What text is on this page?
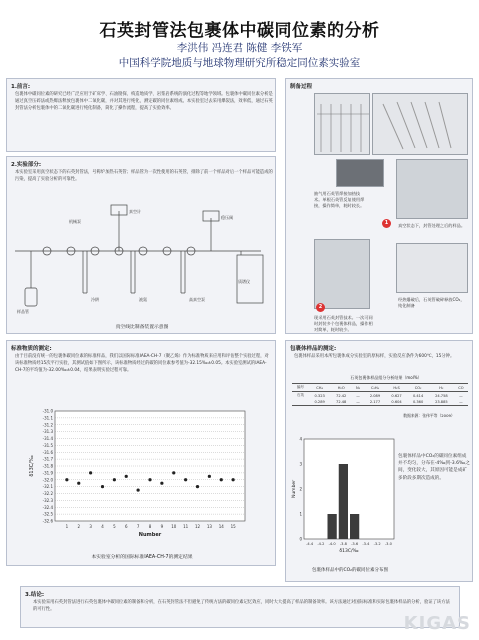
石英封管法包裹体中碳同位素的分析
李洪伟 冯连君 陈健 李铁军
中国科学院地质与地球物理研究所稳定同位素实验室
1.前言:
包裹体中碳同位素的研究已经广泛应用于矿床学、石油勘探、构造地质学、岩浆岩系统的演化过程等地学领域。包裹体中碳同位素分析是通过真空压碎法或热爆法释放包裹体中二氧化碳，并对其进行纯化，测定碳的同位素组成。本实验室过去采用爆裂法，效率低，通过石英封管法分析包裹体中的二氧化碳进行纯化制备，简化了操作流程，提高了实验效率。
2.实验部分:
本实验室采用真空状态下的石英封管法，号称炉加热石英管；样品管为一次性使用的石英管，排除了前一个样品对后一个样品可能造成的污染，提高了实验分析的可靠性。
真空计
冷阱	液氮
稳压阀
高真空泵
样品管
机械泵
质谱仪
真空线比制备装置示意图
制备过程
1	真空状态下，封管处理之后的样品。
抽气用石英管焊接加热技术。单根石英管反复使用焊接，操作简单，耗时较长。
2
现采用石英封管技术。一次可同时封装多个包裹体样品，操作相对简单，耗时较少。
经热爆破后，石英管破碎释放CO₂，纯化制备
标准物质的测定:
由于目前没有统一的包裹体碳同位素的标准样品，我们以国际标准IAEA-CH-7（聚乙烯）作为标准物质来应用和评估整个实验过程，对该标准物质经15次平行实验，其测试值如下图所示，该标准物质经过的碳的同位素参考值为-32.15‰±0.05。本实验室测试的IAEA-CH-7的平均值为-32.00‰±0.04，结果表明实验过程可靠。
-31.0
-31.1
-31.2
-31.3
-31.4
-31.5
-31.6
-31.7
-31.8
-31.9
-32.0
-32.1
-32.2
-32.3
-32.4
-32.5
-32.6
1 2 3 4 5 6 7 8 9 10 11 12 13 14 15
Number
δ13C/‰
本实验室分析的国际标准IAEA-CH-7的测定结果
包裹体样品的测定:
包裹体样品采用本所包裹体成分实验室的原标样，实验反应条件为600℃，15分钟。
石英包裹体样品组分分析结果（mol%）
编号	CH₄	H₂O	N₂	C₂H₆	H₂S	CO₂	H₂	CO
石英	0.323	72.42	—	2.089	0.627	0.414	24.758	—
	0.289	72.48	—	2.177	0.604	0.360	23.885	—
数据来源：张伟平等（2009）
0
1
2
3
4
-4.4 -4.2 -4.0 -3.8 -3.6 -3.4 -3.2 -3.0
δ13C/‰
Number
包裹体样品中CO₂的碳同位素组成并不均匀，分布在-4‰到-3.6‰之间，变化较大，其原因可能是成矿多阶段多期次造成的。
包裹体样品中的CO₂的碳同位素分布图
3.结论:
本实验采用石英封管法进行石英包裹体中碳同位素的制备和分析，在石英封管法不但避免了传统方法的碳同位素记忆效应，同时大大提高了样品的制备效率。该方法通过对国际标准和实际包裹体样品的分析，验证了该方法的可行性。
KIGAS
